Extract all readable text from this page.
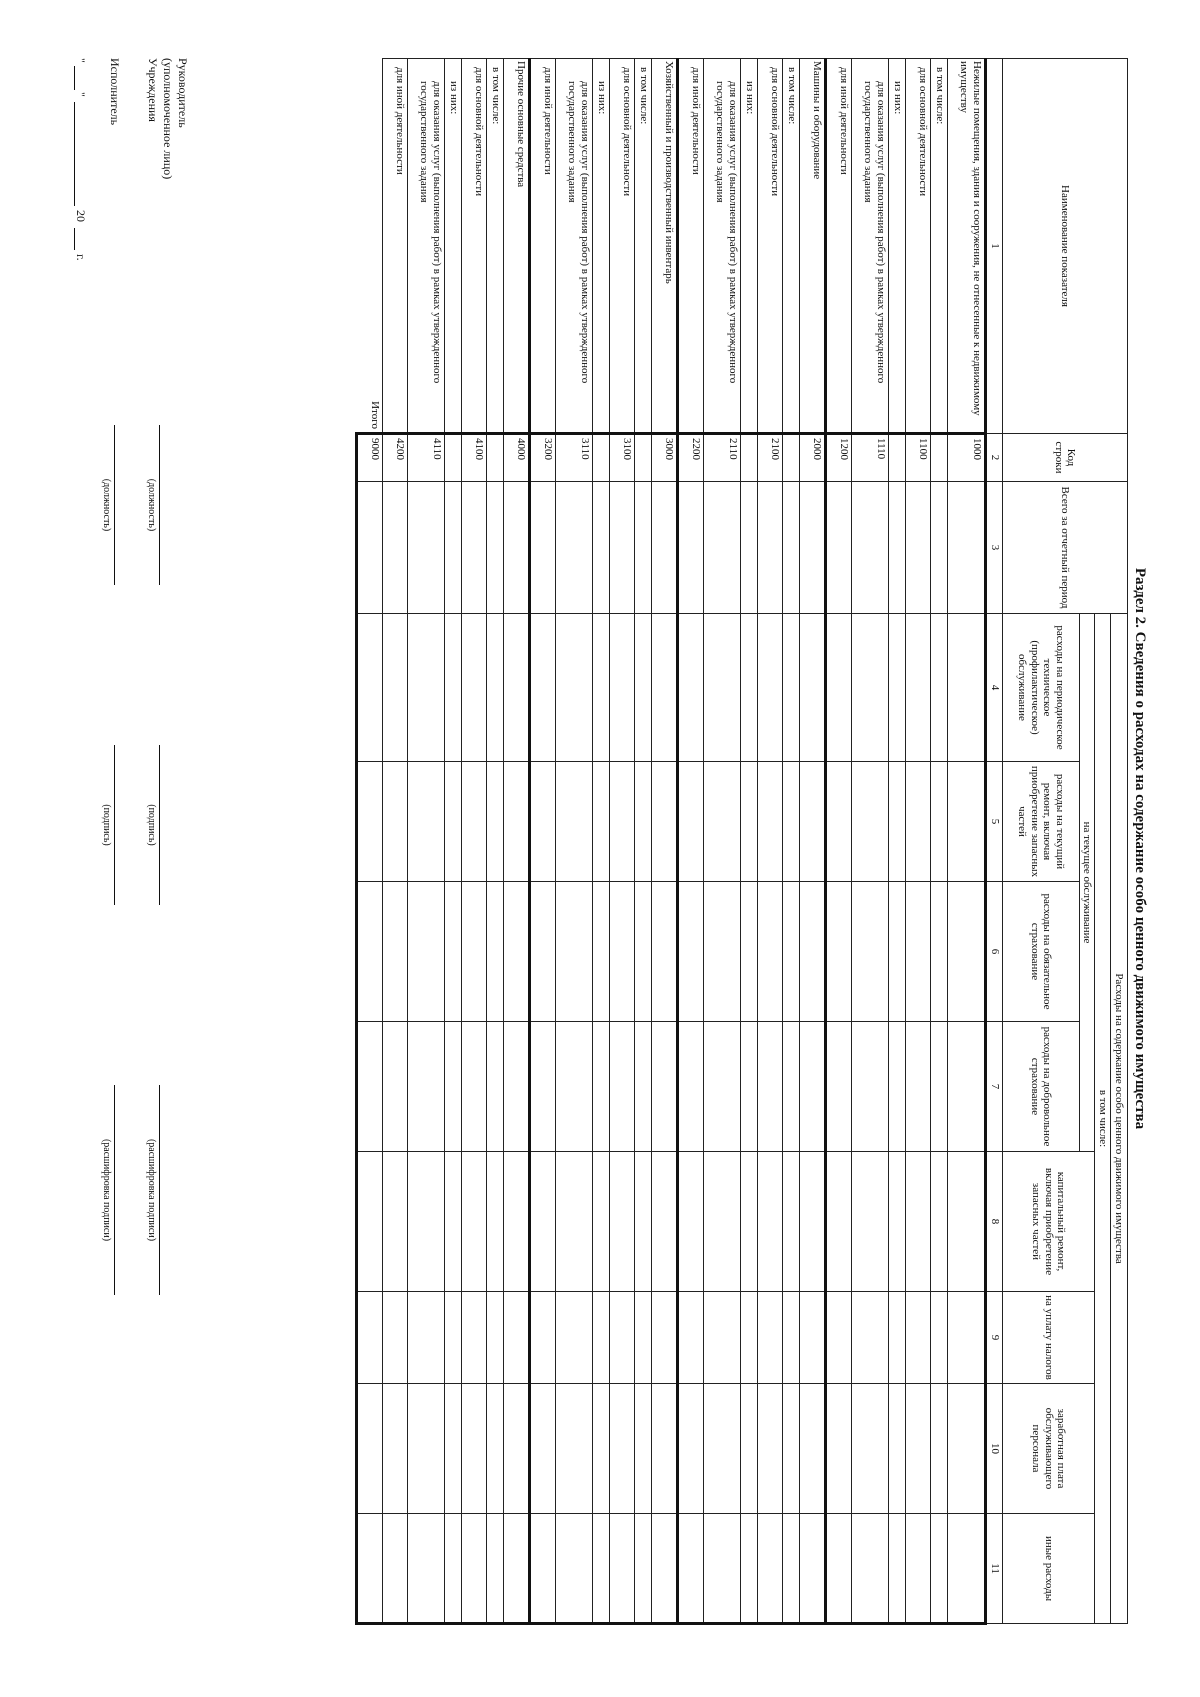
Раздел 2. Сведения о расходах на содержание особо ценного движимого имущества
Наименование показателя	Код строки	Всего за отчетный период	Расходы на содержание особо ценного движимого имущества							
			в том числе:							
			на текущее обслуживание				капитальный ремонт, включая приобретение запасных частей	на уплату налогов	заработная плата обслуживающего персонала	иные расходы
			расходы на периодическое техническое (профилактическое) обслуживание	расходы на текущий ремонт, включая приобретение запасных частей	расходы на обязательное страхование	расходы на добровольное страхование				
1	2	3	4	5	6	7	8	9	10	11
Нежилые помещения, здания и сооружения, не отнесенные к недвижимому имуществу	1000									
в том числе:										
для основной деятельности	1100									
из них:										
для оказания услуг (выполнения работ) в рамках утвержденного государственного задания	1110									
для иной деятельности	1200									
Машины и оборудование	2000									
в том числе:										
для основной деятельности	2100									
из них:										
для оказания услуг (выполнения работ) в рамках утвержденного государственного задания	2110									
для иной деятельности	2200									
Хозяйственный и производственный инвентарь	3000									
в том числе:										
для основной деятельности	3100									
из них:										
для оказания услуг (выполнения работ) в рамках утвержденного государственного задания	3110									
для иной деятельности	3200									
Прочие основные средства	4000									
в том числе:										
для основной деятельности	4100									
из них:										
для оказания услуг (выполнения работ) в рамках утвержденного государственного задания	4110									
для иной деятельности	4200									
Итого	9000									
Руководитель
(уполномоченное лицо)
Учреждения
(должность)
(подпись)
(расшифровка подписи)
Исполнитель
(должность)
(подпись)
(расшифровка подписи)
"
"
20
г.
